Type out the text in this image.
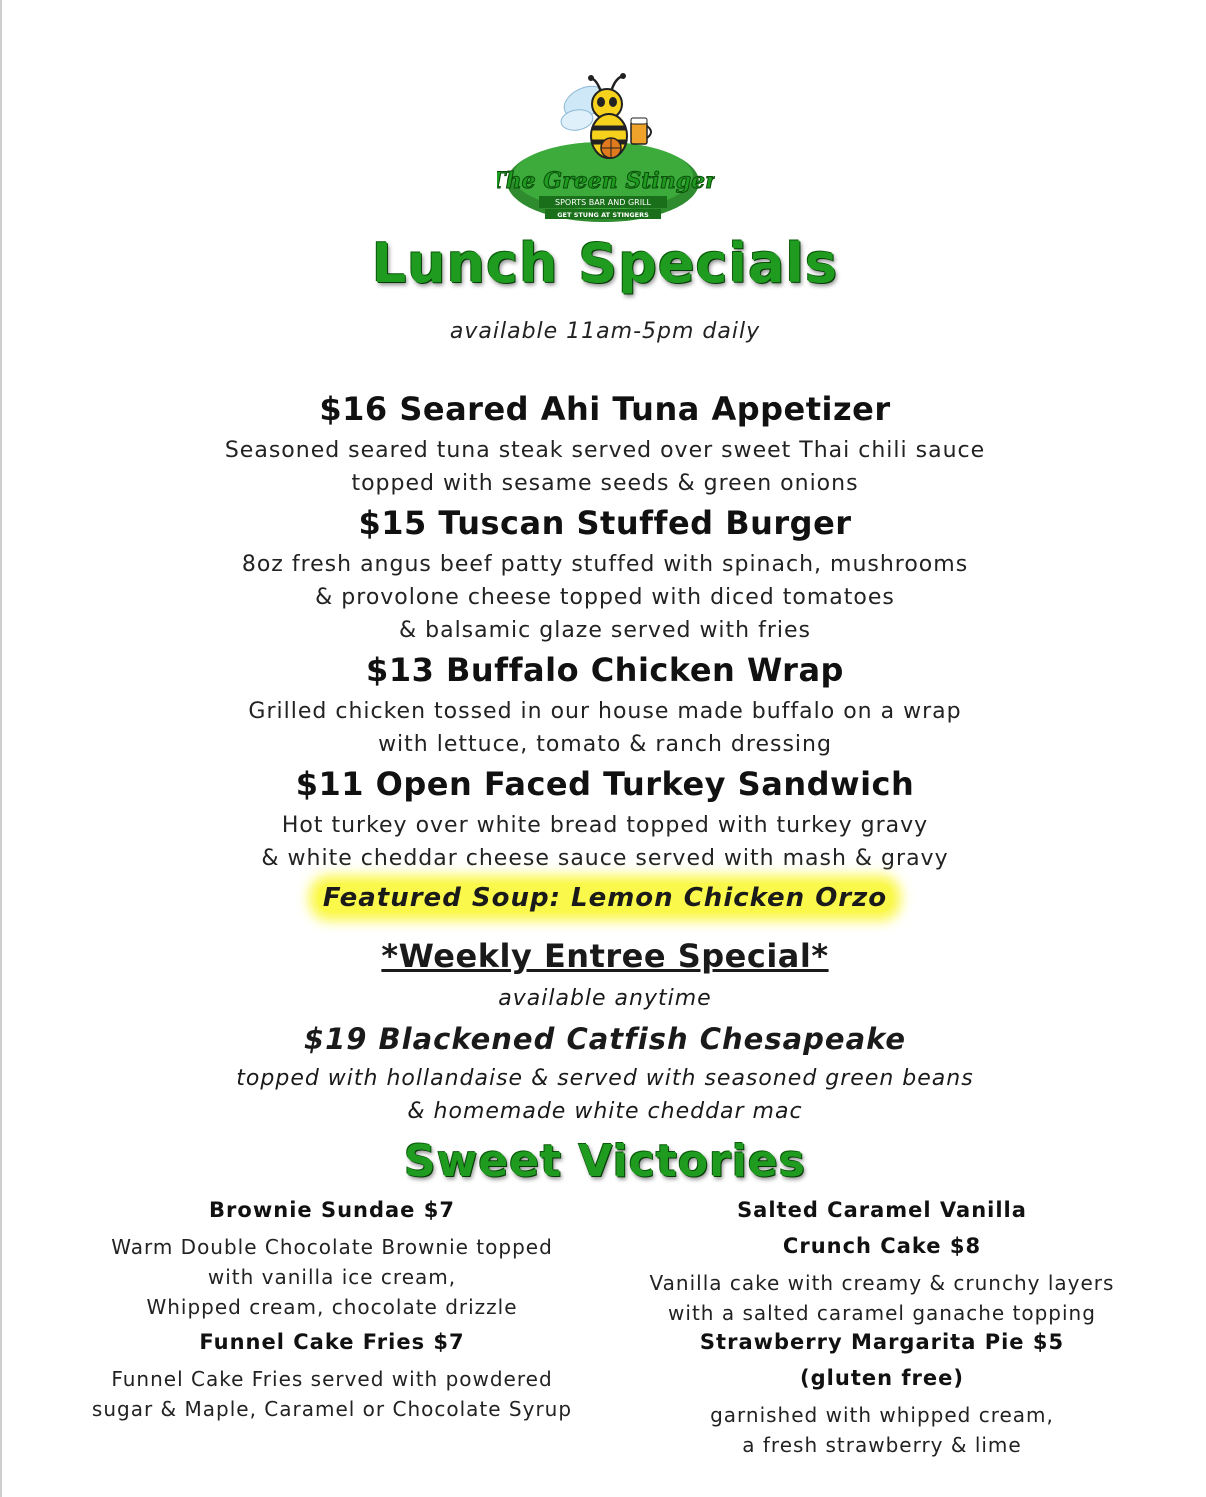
The Green Stinger
SPORTS BAR AND GRILL
GET STUNG AT STINGERS
Lunch Specials
available 11am-5pm daily
$16 Seared Ahi Tuna Appetizer
Seasoned seared tuna steak served over sweet Thai chili sauce
topped with sesame seeds & green onions
$15 Tuscan Stuffed Burger
8oz fresh angus beef patty stuffed with spinach, mushrooms
& provolone cheese topped with diced tomatoes
& balsamic glaze served with fries
$13 Buffalo Chicken Wrap
Grilled chicken tossed in our house made buffalo on a wrap
with lettuce, tomato & ranch dressing
$11 Open Faced Turkey Sandwich
Hot turkey over white bread topped with turkey gravy
& white cheddar cheese sauce served with mash & gravy
Featured Soup: Lemon Chicken Orzo
*Weekly Entree Special*
available anytime
$19 Blackened Catfish Chesapeake
topped with hollandaise & served with seasoned green beans
& homemade white cheddar mac
Sweet Victories
Brownie Sundae $7
Warm Double Chocolate Brownie topped
with vanilla ice cream,
Whipped cream, chocolate drizzle
Funnel Cake Fries $7
Funnel Cake Fries served with powdered
sugar & Maple, Caramel or Chocolate Syrup
Salted Caramel Vanilla
Crunch Cake $8
Vanilla cake with creamy & crunchy layers
with a salted caramel ganache topping
Strawberry Margarita Pie $5
(gluten free)
garnished with whipped cream,
a fresh strawberry & lime
